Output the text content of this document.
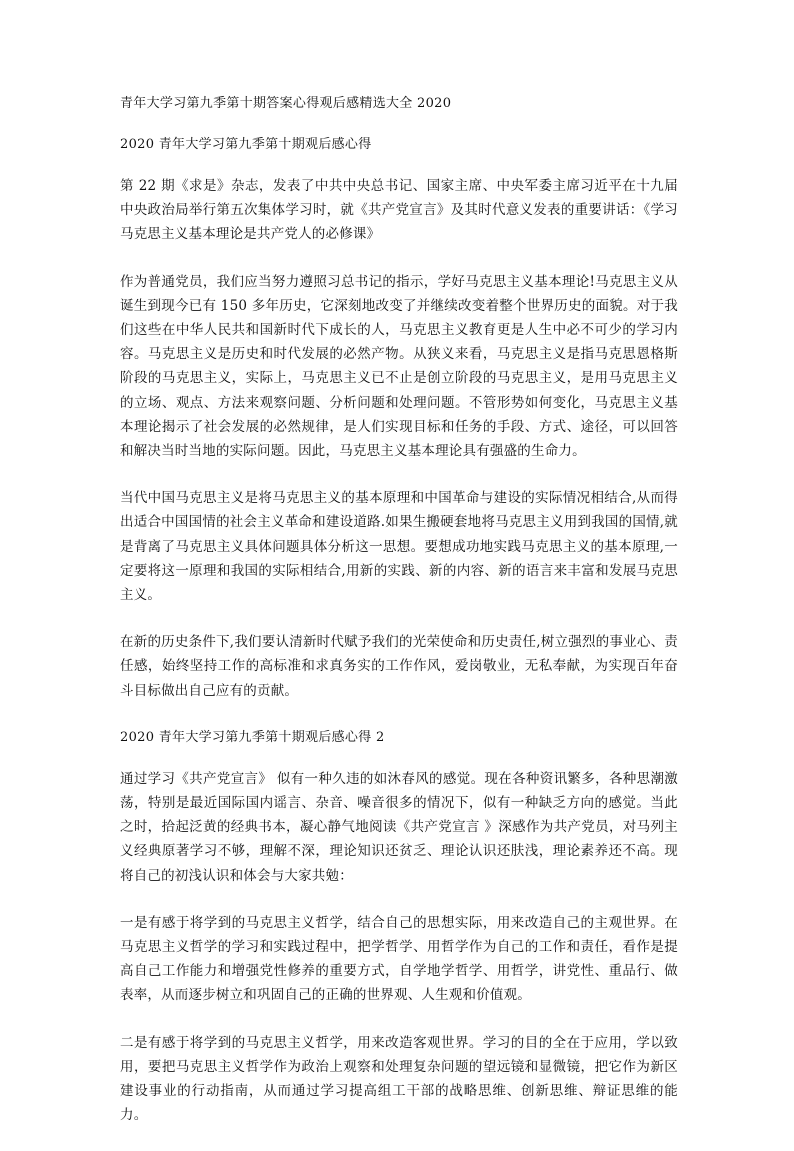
青年大学习第九季第十期答案心得观后感精选大全 2020
2020 青年大学习第九季第十期观后感心得
第 22 期《求是》杂志，发表了中共中央总书记、国家主席、中央军委主席习近平在十九届中央政治局举行第五次集体学习时，就《共产党宣言》及其时代意义发表的重要讲话：《学习马克思主义基本理论是共产党人的必修课》
作为普通党员，我们应当努力遵照习总书记的指示，学好马克思主义基本理论!马克思主义从诞生到现今已有 150 多年历史，它深刻地改变了并继续改变着整个世界历史的面貌。对于我们这些在中华人民共和国新时代下成长的人，马克思主义教育更是人生中必不可少的学习内容。马克思主义是历史和时代发展的必然产物。从狭义来看，马克思主义是指马克思恩格斯阶段的马克思主义，实际上，马克思主义已不止是创立阶段的马克思主义，是用马克思主义的立场、观点、方法来观察问题、分析问题和处理问题。不管形势如何变化，马克思主义基本理论揭示了社会发展的必然规律，是人们实现目标和任务的手段、方式、途径，可以回答和解决当时当地的实际问题。因此，马克思主义基本理论具有强盛的生命力。
当代中国马克思主义是将马克思主义的基本原理和中国革命与建设的实际情况相结合,从而得出适合中国国情的社会主义革命和建设道路.如果生搬硬套地将马克思主义用到我国的国情,就是背离了马克思主义具体问题具体分析这一思想。要想成功地实践马克思主义的基本原理,一定要将这一原理和我国的实际相结合,用新的实践、新的内容、新的语言来丰富和发展马克思主义。
在新的历史条件下,我们要认清新时代赋予我们的光荣使命和历史责任,树立强烈的事业心、责任感，始终坚持工作的高标准和求真务实的工作作风，爱岗敬业，无私奉献，为实现百年奋斗目标做出自己应有的贡献。
2020 青年大学习第九季第十期观后感心得 2
通过学习《共产党宣言》 似有一种久违的如沐春风的感觉。现在各种资讯繁多，各种思潮激荡，特别是最近国际国内谣言、杂音、噪音很多的情况下，似有一种缺乏方向的感觉。当此之时，拾起泛黄的经典书本，凝心静气地阅读《共产党宣言 》深感作为共产党员，对马列主义经典原著学习不够，理解不深，理论知识还贫乏、理论认识还肤浅，理论素养还不高。现将自己的初浅认识和体会与大家共勉：
一是有感于将学到的马克思主义哲学，结合自己的思想实际，用来改造自己的主观世界。在马克思主义哲学的学习和实践过程中，把学哲学、用哲学作为自己的工作和责任，看作是提高自己工作能力和增强党性修养的重要方式，自学地学哲学、用哲学，讲党性、重品行、做表率，从而逐步树立和巩固自己的正确的世界观、人生观和价值观。
二是有感于将学到的马克思主义哲学，用来改造客观世界。学习的目的全在于应用，学以致用，要把马克思主义哲学作为政治上观察和处理复杂问题的望远镜和显微镜，把它作为新区建设事业的行动指南，从而通过学习提高组工干部的战略思维、创新思维、辩证思维的能力。
